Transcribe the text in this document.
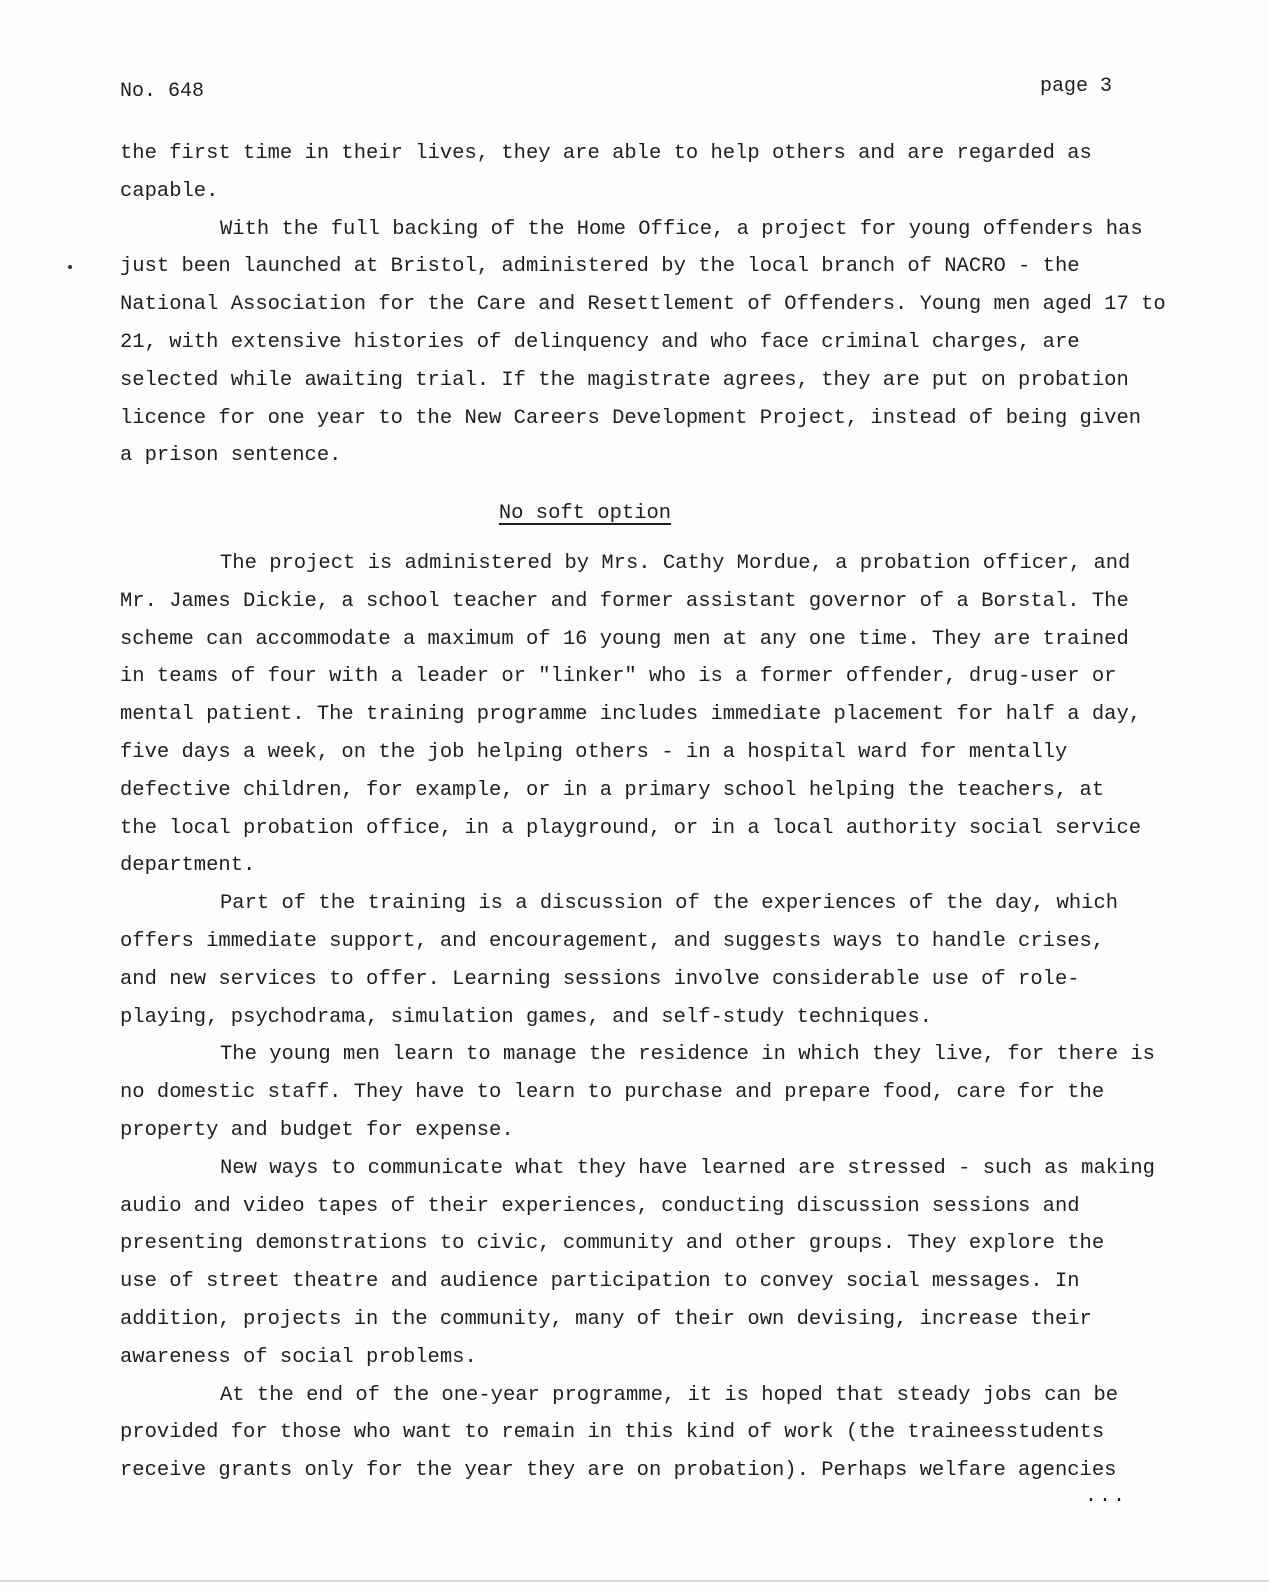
No. 648	page 3

the first time in their lives, they are able to help others and are regarded as
capable.

With the full backing of the Home Office, a project for young offenders has
just been launched at Bristol, administered by the local branch of NACRO - the
National Association for the Care and Resettlement of Offenders. Young men aged 17 to
21, with extensive histories of delinquency and who face criminal charges, are
selected while awaiting trial. If the magistrate agrees, they are put on probation
licence for one year to the New Careers Development Project, instead of being given
a prison sentence.

No soft option

The project is administered by Mrs. Cathy Mordue, a probation officer, and
Mr. James Dickie, a school teacher and former assistant governor of a Borstal. The
scheme can accommodate a maximum of 16 young men at any one time. They are trained
in teams of four with a leader or "linker" who is a former offender, drug-user or
mental patient. The training programme includes immediate placement for half a day,
five days a week, on the job helping others - in a hospital ward for mentally
defective children, for example, or in a primary school helping the teachers, at
the local probation office, in a playground, or in a local authority social service
department.

Part of the training is a discussion of the experiences of the day, which
offers immediate support, and encouragement, and suggests ways to handle crises,
and new services to offer. Learning sessions involve considerable use of role-
playing, psychodrama, simulation games, and self-study techniques.

The young men learn to manage the residence in which they live, for there is
no domestic staff. They have to learn to purchase and prepare food, care for the
property and budget for expense.

New ways to communicate what they have learned are stressed - such as making
audio and video tapes of their experiences, conducting discussion sessions and
presenting demonstrations to civic, community and other groups. They explore the
use of street theatre and audience participation to convey social messages. In
addition, projects in the community, many of their own devising, increase their
awareness of social problems.

At the end of the one-year programme, it is hoped that steady jobs can be
provided for those who want to remain in this kind of work (the traineesstudents
receive grants only for the year they are on probation). Perhaps welfare agencies

...
